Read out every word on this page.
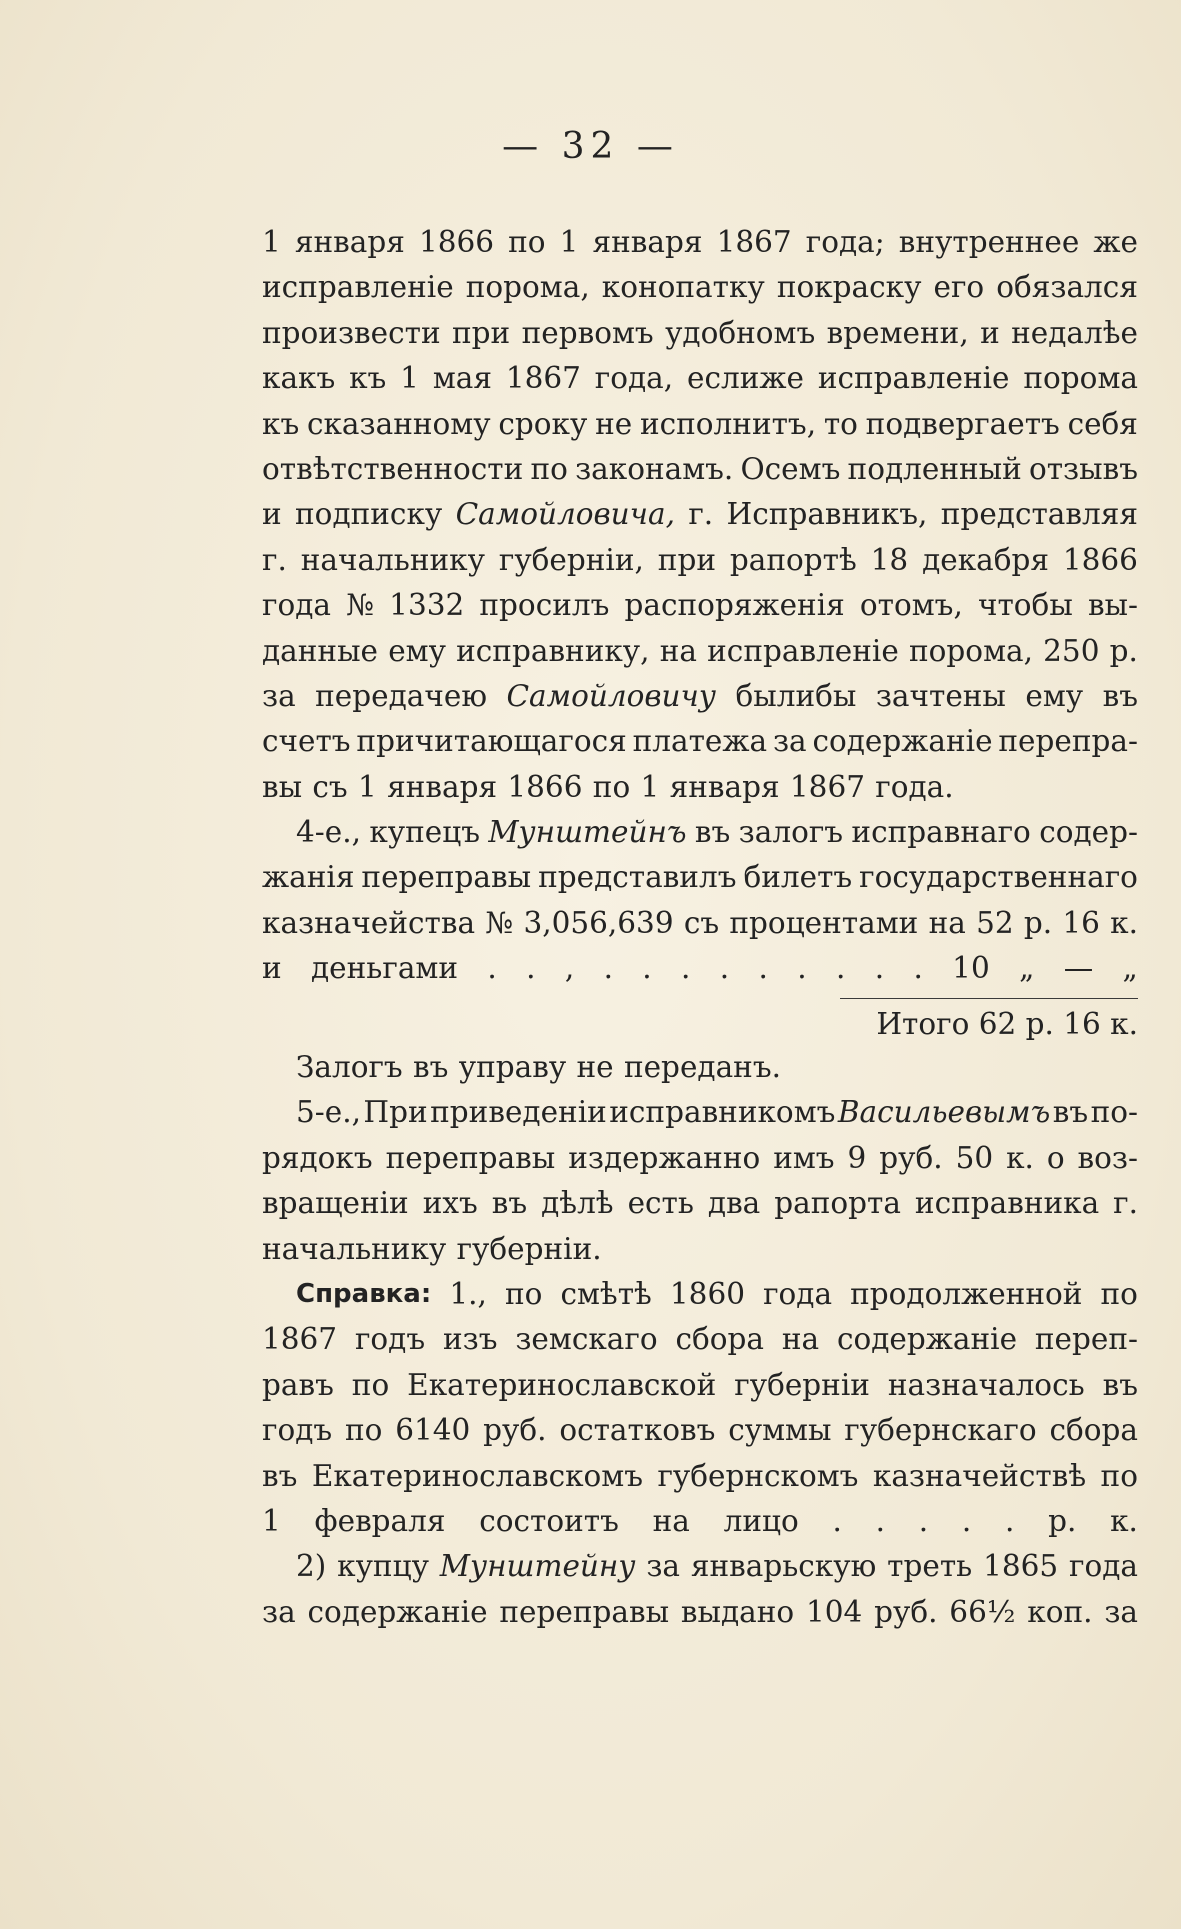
— 32 —
1 января 1866 по 1 января 1867 года; внутреннее же
исправленіе порома, конопатку покраску его обязался
произвести при первомъ удобномъ времени, и недалѣе
какъ къ 1 мая 1867 года, еслиже исправленіе порома
къ сказанному сроку не исполнитъ, то подвергаетъ себя
отвѣтственности по законамъ. Осемъ подленный отзывъ
и подписку Самойловича, г. Исправникъ, представляя
г. начальнику губерніи, при рапортѣ 18 декабря 1866
года № 1332 просилъ распоряженія отомъ, чтобы вы-
данные ему исправнику, на исправленіе порома, 250 р.
за передачею Самойловичу былибы зачтены ему въ
счетъ причитающагося платежа за содержаніе перепра-
вы съ 1 января 1866 по 1 января 1867 года.
4-е., купецъ Мунштейнъ въ залогъ исправнаго содер-
жанія переправы представилъ билетъ государственнаго
казначейства № 3,056,639 съ процентами на 52 р. 16 к.
и деньгами . . , . . . . . . . . . 10 „ — „
Итого 62 р. 16 к.
Залогъ въ управу не переданъ.
5-е., При приведеніи исправникомъ Васильевымъ въ по-
рядокъ переправы издержанно имъ 9 руб. 50 к. о воз-
вращеніи ихъ въ дѣлѣ есть два рапорта исправника г.
начальнику губерніи.
Справка: 1., по смѣтѣ 1860 года продолженной по
1867 годъ изъ земскаго сбора на содержаніе переп-
равъ по Екатеринославской губерніи назначалось въ
годъ по 6140 руб. остатковъ суммы губернскаго сбора
въ Екатеринославскомъ губернскомъ казначействѣ по
1 февраля состоитъ на лицо . . . . . р. к.
2) купцу Мунштейну за январьскую треть 1865 года
за содержаніе переправы выдано 104 руб. 66½ коп. за
